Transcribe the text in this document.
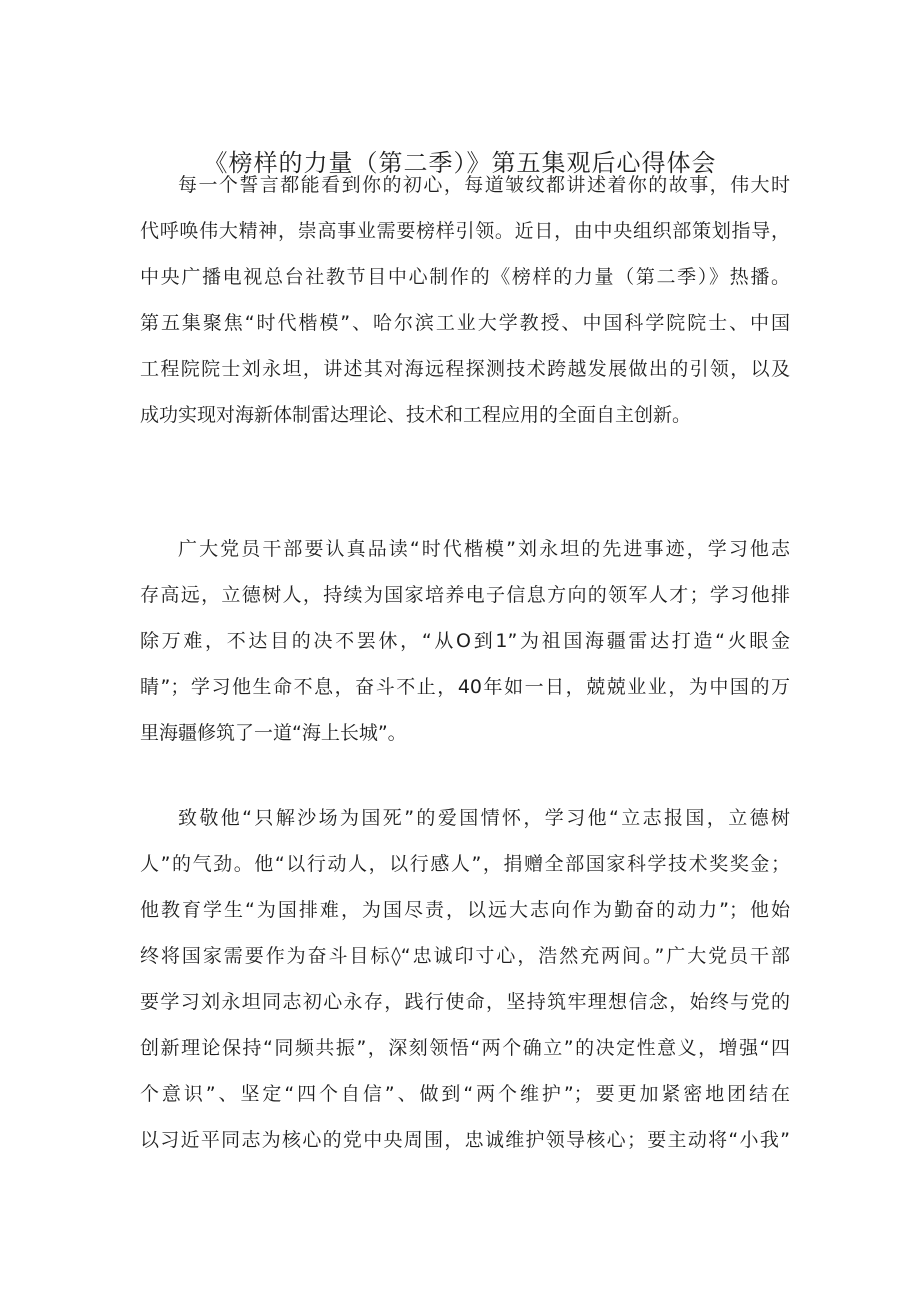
《榜样的力量（第二季）》第五集观后心得体会
每一个誓言都能看到你的初心，每道皱纹都讲述着你的故事，伟大时
代呼唤伟大精神，崇高事业需要榜样引领。近日，由中央组织部策划指导，
中央广播电视总台社教节目中心制作的《榜样的力量（第二季）》热播。
第五集聚焦“时代楷模”、哈尔滨工业大学教授、中国科学院院士、中国
工程院院士刘永坦，讲述其对海远程探测技术跨越发展做出的引领，以及
成功实现对海新体制雷达理论、技术和工程应用的全面自主创新。
广大党员干部要认真品读“时代楷模”刘永坦的先进事迹，学习他志
存高远，立德树人，持续为国家培养电子信息方向的领军人才；学习他排
除万难，不达目的决不罢休，“从O到1”为祖国海疆雷达打造“火眼金
睛”；学习他生命不息，奋斗不止，40年如一日，兢兢业业，为中国的万
里海疆修筑了一道“海上长城”。
致敬他“只解沙场为国死”的爱国情怀，学习他“立志报国，立德树
人”的气劲。他“以行动人，以行感人”，捐赠全部国家科学技术奖奖金；
他教育学生“为国排难，为国尽责，以远大志向作为勤奋的动力”；他始
终将国家需要作为奋斗目标◊“忠诚印寸心，浩然充两间。”广大党员干部
要学习刘永坦同志初心永存，践行使命，坚持筑牢理想信念，始终与党的
创新理论保持“同频共振”，深刻领悟“两个确立”的决定性意义，增强“四
个意识”、坚定“四个自信”、做到“两个维护”；要更加紧密地团结在
以习近平同志为核心的党中央周围，忠诚维护领导核心；要主动将“小我”
